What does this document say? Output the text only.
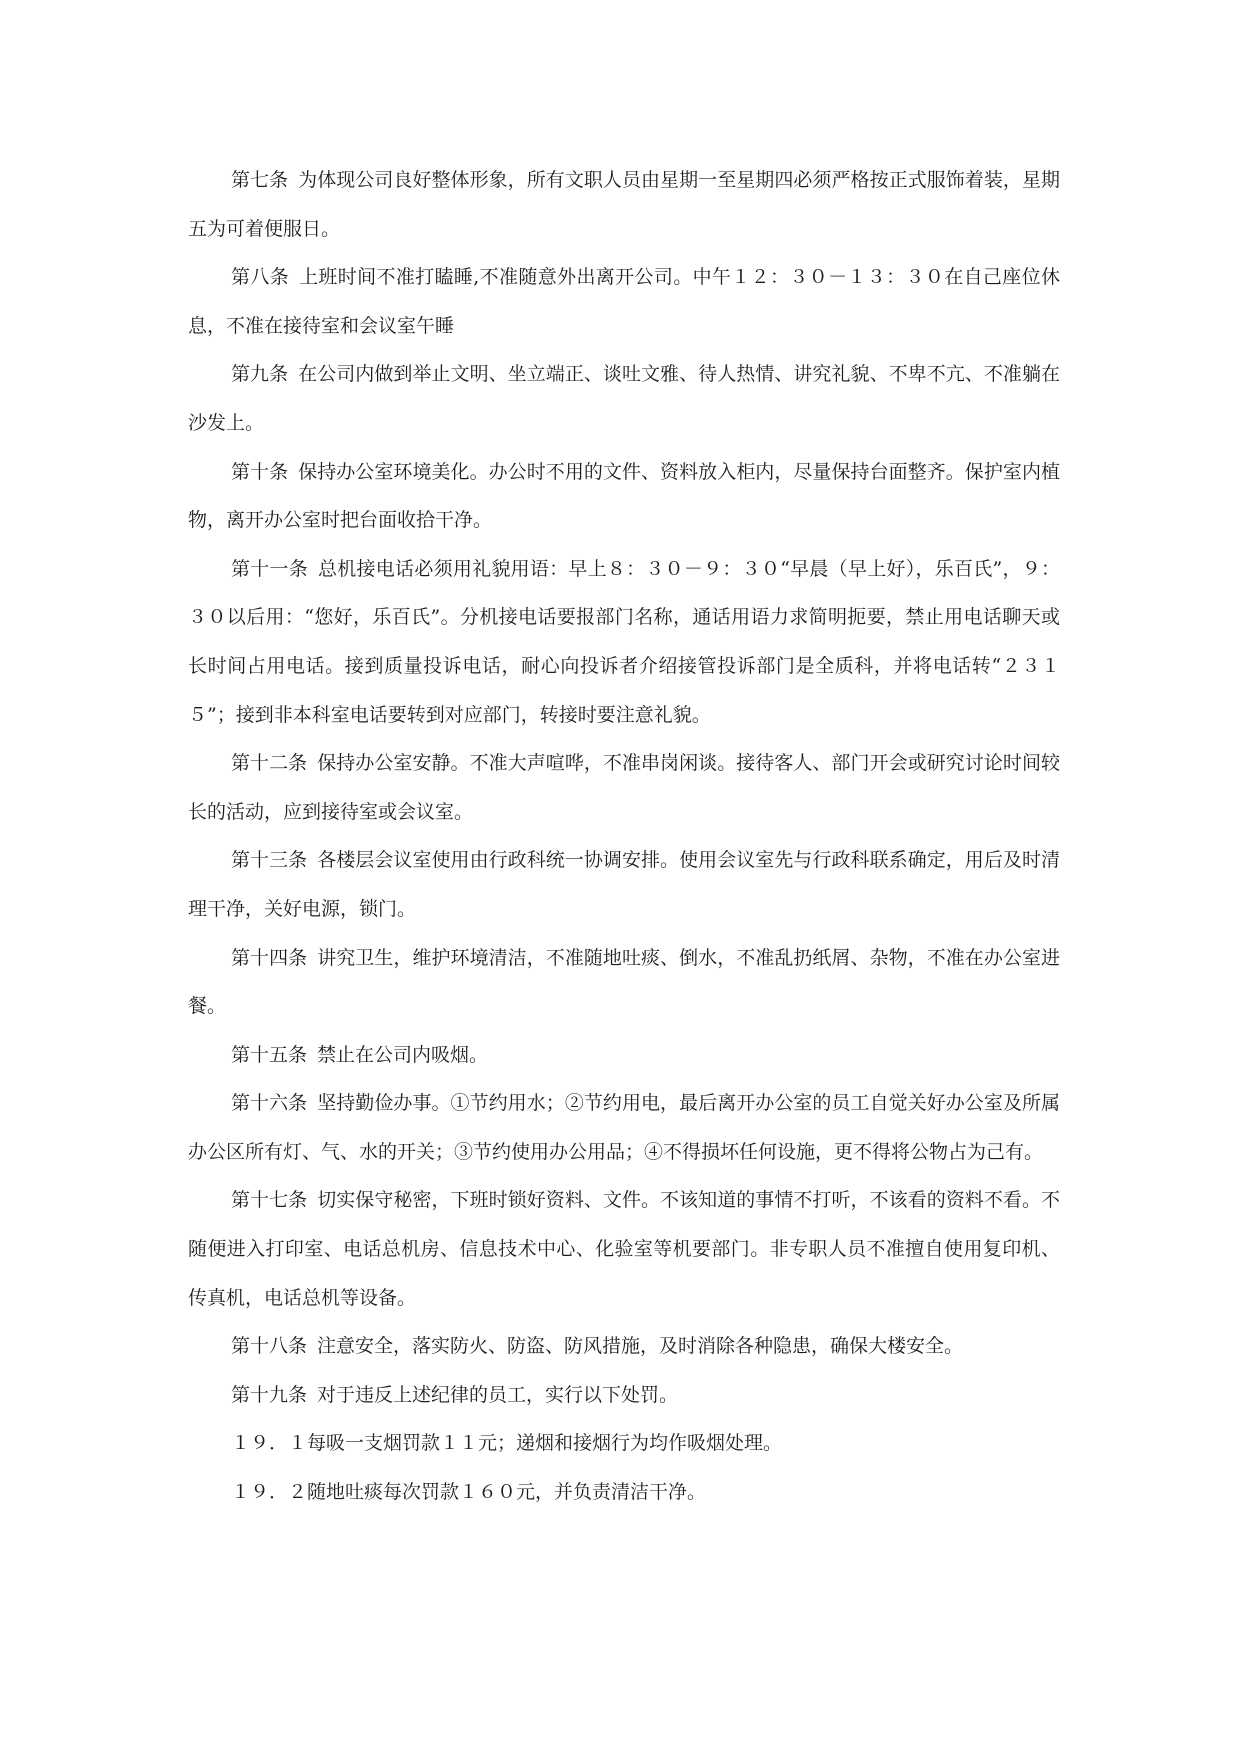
第七条 为体现公司良好整体形象，所有文职人员由星期一至星期四必须严格按正式服饰着装，星期五为可着便服日。

第八条 上班时间不准打瞌睡,不准随意外出离开公司。中午１２：３０－１３：３０在自己座位休息，不准在接待室和会议室午睡

第九条 在公司内做到举止文明、坐立端正、谈吐文雅、待人热情、讲究礼貌、不卑不亢、不准躺在沙发上。

第十条 保持办公室环境美化。办公时不用的文件、资料放入柜内，尽量保持台面整齐。保护室内植物，离开办公室时把台面收拾干净。

第十一条 总机接电话必须用礼貌用语：早上８：３０－９：３０“早晨（早上好），乐百氏”，９：３０以后用：“您好，乐百氏”。分机接电话要报部门名称，通话用语力求简明扼要，禁止用电话聊天或长时间占用电话。接到质量投诉电话，耐心向投诉者介绍接管投诉部门是全质科，并将电话转“２３１５”；接到非本科室电话要转到对应部门，转接时要注意礼貌。

第十二条 保持办公室安静。不准大声喧哗，不准串岗闲谈。接待客人、部门开会或研究讨论时间较长的活动，应到接待室或会议室。

第十三条 各楼层会议室使用由行政科统一协调安排。使用会议室先与行政科联系确定，用后及时清理干净，关好电源，锁门。

第十四条 讲究卫生，维护环境清洁，不准随地吐痰、倒水，不准乱扔纸屑、杂物，不准在办公室进餐。

第十五条 禁止在公司内吸烟。

第十六条 坚持勤俭办事。①节约用水；②节约用电，最后离开办公室的员工自觉关好办公室及所属办公区所有灯、气、水的开关；③节约使用办公用品；④不得损坏任何设施，更不得将公物占为己有。

第十七条 切实保守秘密，下班时锁好资料、文件。不该知道的事情不打听，不该看的资料不看。不随便进入打印室、电话总机房、信息技术中心、化验室等机要部门。非专职人员不准擅自使用复印机、传真机，电话总机等设备。

第十八条 注意安全，落实防火、防盗、防风措施，及时消除各种隐患，确保大楼安全。

第十九条 对于违反上述纪律的员工，实行以下处罚。

１９．１每吸一支烟罚款１１元；递烟和接烟行为均作吸烟处理。

１９．２随地吐痰每次罚款１６０元，并负责清洁干净。
